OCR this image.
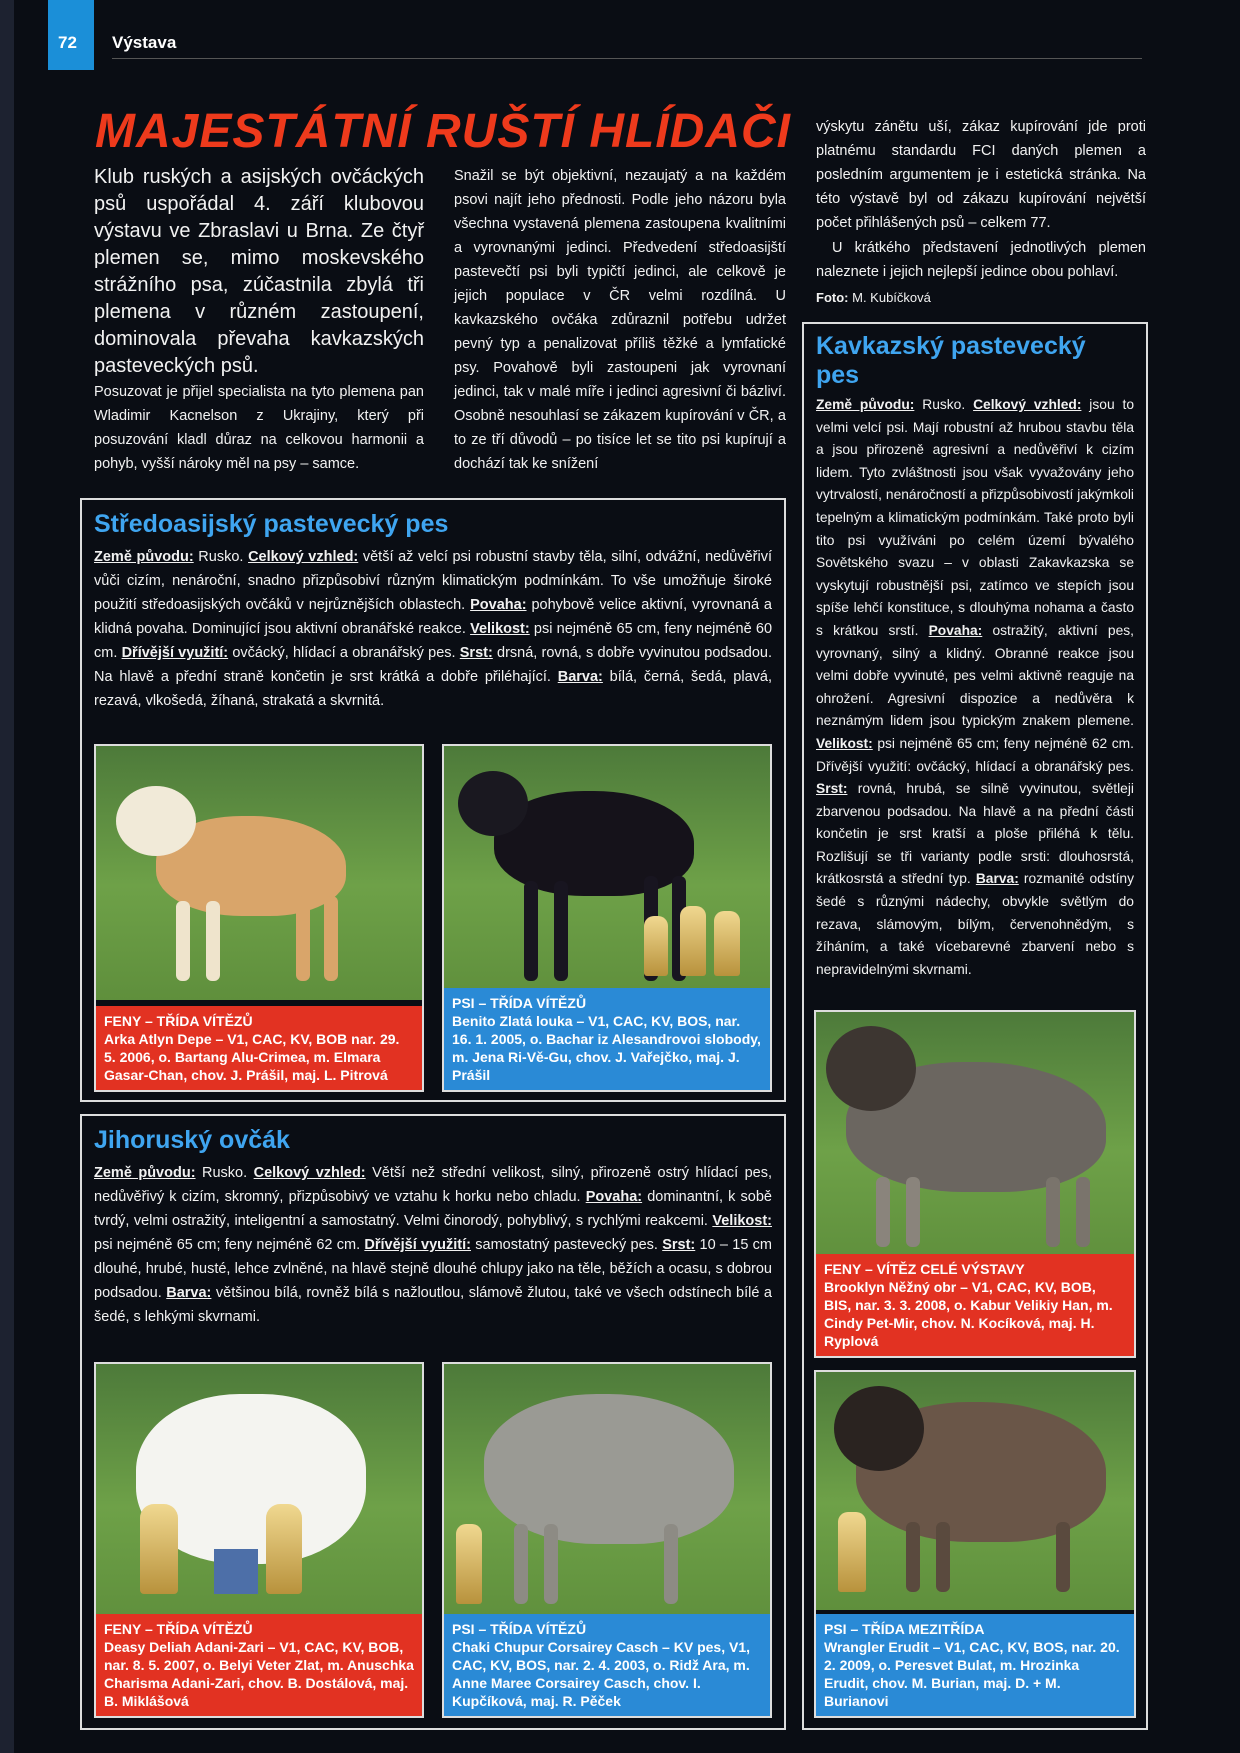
72 Výstava
MAJESTÁTNÍ RUŠTÍ HLÍDAČI
Klub ruských a asijských ovčáckých psů uspořádal 4. září klubovou výstavu ve Zbraslavi u Brna. Ze čtyř plemen se, mimo moskevského strážního psa, zúčastnila zbylá tři plemena v různém zastoupení, dominovala převaha kavkazských pasteveckých psů.
Posuzovat je přijel specialista na tyto plemena pan Wladimir Kacnelson z Ukrajiny, který při posuzování kladl důraz na celkovou harmonii a pohyb, vyšší nároky měl na psy – samce.
Snažil se být objektivní, nezaujatý a na každém psovi najít jeho přednosti. Podle jeho názoru byla všechna vystavená plemena zastoupena kvalitními a vyrovnanými jedinci. Předvedení středoasijští pastevečtí psi byli typičtí jedinci, ale celkově je jejich populace v ČR velmi rozdílná. U kavkazského ovčáka zdůraznil potřebu udržet pevný typ a penalizovat příliš těžké a lymfatické psy. Povahově byli zastoupeni jak vyrovnaní jedinci, tak v malé míře i jedinci agresivní či bázliví. Osobně nesouhlasí se zákazem kupírování v ČR, a to ze tří důvodů – po tisíce let se tito psi kupírují a dochází tak ke snížení
výskytu zánětu uší, zákaz kupírování jde proti platnému standardu FCI daných plemen a posledním argumentem je i estetická stránka. Na této výstavě byl od zákazu kupírování největší počet přihlášených psů – celkem 77.
U krátkého představení jednotlivých plemen naleznete i jejich nejlepší jedince obou pohlaví.
Foto: M. Kubíčková
Středoasijský pastevecký pes
Země původu: Rusko. Celkový vzhled: větší až velcí psi robustní stavby těla, silní, odvážní, nedůvěřiví vůči cizím, nenároční, snadno přizpůsobiví různým klimatickým podmínkám. To vše umožňuje široké použití středoasijských ovčáků v nejrůznějších oblastech. Povaha: pohybově velice aktivní, vyrovnaná a klidná povaha. Dominující jsou aktivní obranářské reakce. Velikost: psi nejméně 65 cm, feny nejméně 60 cm. Dřívější využití: ovčácký, hlídací a obranářský pes. Srst: drsná, rovná, s dobře vyvinutou podsadou. Na hlavě a přední straně končetin je srst krátká a dobře přiléhající. Barva: bílá, černá, šedá, plavá, rezavá, vlkošedá, žíhaná, strakatá a skvrnitá.
FENY – TŘÍDA VÍTĚZŮ
Arka Atlyn Depe – V1, CAC, KV, BOB nar. 29. 5. 2006, o. Bartang Alu-Crimea, m. Elmara Gasar-Chan, chov. J. Prášil, maj. L. Pitrová
PSI – TŘÍDA VÍTĚZŮ
Benito Zlatá louka – V1, CAC, KV, BOS, nar. 16. 1. 2005, o. Bachar iz Alesandrovoi slobody, m. Jena Ri-Vě-Gu, chov. J. Vařejčko, maj. J. Prášil
Jihoruský ovčák
Země původu: Rusko. Celkový vzhled: Větší než střední velikost, silný, přirozeně ostrý hlídací pes, nedůvěřivý k cizím, skromný, přizpůsobivý ve vztahu k horku nebo chladu. Povaha: dominantní, k sobě tvrdý, velmi ostražitý, inteligentní a samostatný. Velmi činorodý, pohyblivý, s rychlými reakcemi. Velikost: psi nejméně 65 cm; feny nejméně 62 cm. Dřívější využití: samostatný pastevecký pes. Srst: 10 – 15 cm dlouhé, hrubé, husté, lehce zvlněné, na hlavě stejně dlouhé chlupy jako na těle, běžích a ocasu, s dobrou podsadou. Barva: většinou bílá, rovněž bílá s nažloutlou, slámově žlutou, také ve všech odstínech bílé a šedé, s lehkými skvrnami.
FENY – TŘÍDA VÍTĚZŮ
Deasy Deliah Adani-Zari – V1, CAC, KV, BOB, nar. 8. 5. 2007, o. Belyi Veter Zlat, m. Anuschka Charisma Adani-Zari, chov. B. Dostálová, maj. B. Miklášová
PSI – TŘÍDA VÍTĚZŮ
Chaki Chupur Corsairey Casch – KV pes, V1, CAC, KV, BOS, nar. 2. 4. 2003, o. Ridž Ara, m. Anne Maree Corsairey Casch, chov. I. Kupčíková, maj. R. Pěček
Kavkazský pastevecký pes
Země původu: Rusko. Celkový vzhled: jsou to velmi velcí psi. Mají robustní až hrubou stavbu těla a jsou přirozeně agresivní a nedůvěřiví k cizím lidem. Tyto zvláštnosti jsou však vyvažovány jeho vytrvalostí, nenáročností a přizpůsobivostí jakýmkoli tepelným a klimatickým podmínkám. Také proto byli tito psi využíváni po celém území bývalého Sovětského svazu – v oblasti Zakavkazska se vyskytují robustnější psi, zatímco ve stepích jsou spíše lehčí konstituce, s dlouhýma nohama a často s krátkou srstí. Povaha: ostražitý, aktivní pes, vyrovnaný, silný a klidný. Obranné reakce jsou velmi dobře vyvinuté, pes velmi aktivně reaguje na ohrožení. Agresivní dispozice a nedůvěra k neznámým lidem jsou typickým znakem plemene. Velikost: psi nejméně 65 cm; feny nejméně 62 cm. Dřívější využití: ovčácký, hlídací a obranářský pes. Srst: rovná, hrubá, se silně vyvinutou, světleji zbarvenou podsadou. Na hlavě a na přední části končetin je srst kratší a ploše přiléhá k tělu. Rozlišují se tři varianty podle srsti: dlouhosrstá, krátkosrstá a střední typ. Barva: rozmanité odstíny šedé s různými nádechy, obvykle světlým do rezava, slámovým, bílým, červenohnědým, s žíháním, a také vícebarevné zbarvení nebo s nepravidelnými skvrnami.
FENY – VÍTĚZ CELÉ VÝSTAVY
Brooklyn Něžný obr – V1, CAC, KV, BOB, BIS, nar. 3. 3. 2008, o. Kabur Velikiy Han, m. Cindy Pet-Mir, chov. N. Kocíková, maj. H. Ryplová
PSI – TŘÍDA MEZITŘÍDA
Wrangler Erudit – V1, CAC, KV, BOS, nar. 20. 2. 2009, o. Peresvet Bulat, m. Hrozinka Erudit, chov. M. Burian, maj. D. + M. Burianovi
